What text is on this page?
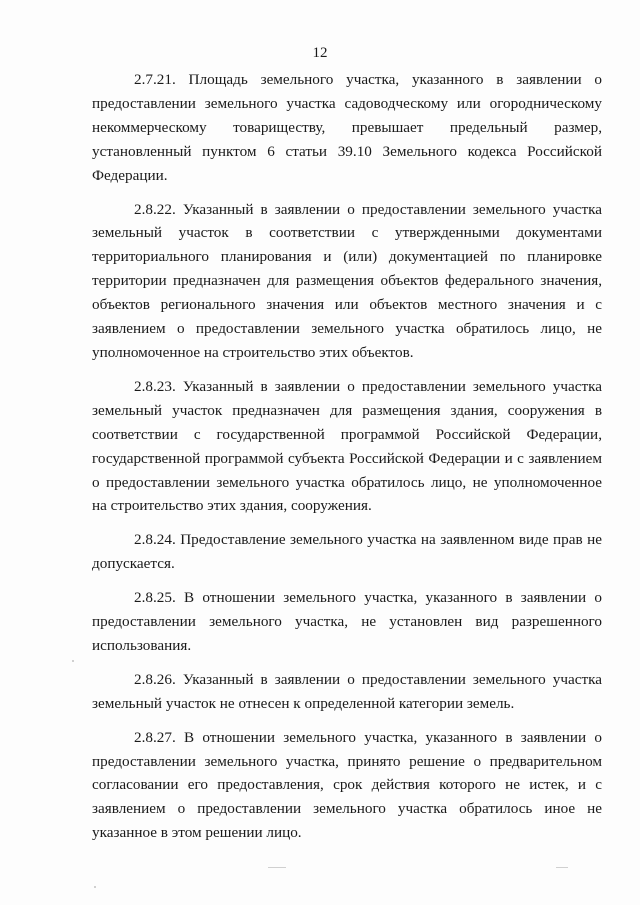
12

2.7.21. Площадь земельного участка, указанного в заявлении о предоставлении земельного участка садоводческому или огородническому некоммерческому товариществу, превышает предельный размер, установленный пунктом 6 статьи 39.10 Земельного кодекса Российской Федерации.

2.8.22. Указанный в заявлении о предоставлении земельного участка земельный участок в соответствии с утвержденными документами территориального планирования и (или) документацией по планировке территории предназначен для размещения объектов федерального значения, объектов регионального значения или объектов местного значения и с заявлением о предоставлении земельного участка обратилось лицо, не уполномоченное на строительство этих объектов.

2.8.23. Указанный в заявлении о предоставлении земельного участка земельный участок предназначен для размещения здания, сооружения в соответствии с государственной программой Российской Федерации, государственной программой субъекта Российской Федерации и с заявлением о предоставлении земельного участка обратилось лицо, не уполномоченное на строительство этих здания, сооружения.

2.8.24. Предоставление земельного участка на заявленном виде прав не допускается.

2.8.25. В отношении земельного участка, указанного в заявлении о предоставлении земельного участка, не установлен вид разрешенного использования.

2.8.26. Указанный в заявлении о предоставлении земельного участка земельный участок не отнесен к определенной категории земель.

2.8.27. В отношении земельного участка, указанного в заявлении о предоставлении земельного участка, принято решение о предварительном согласовании его предоставления, срок действия которого не истек, и с заявлением о предоставлении земельного участка обратилось иное не указанное в этом решении лицо.
